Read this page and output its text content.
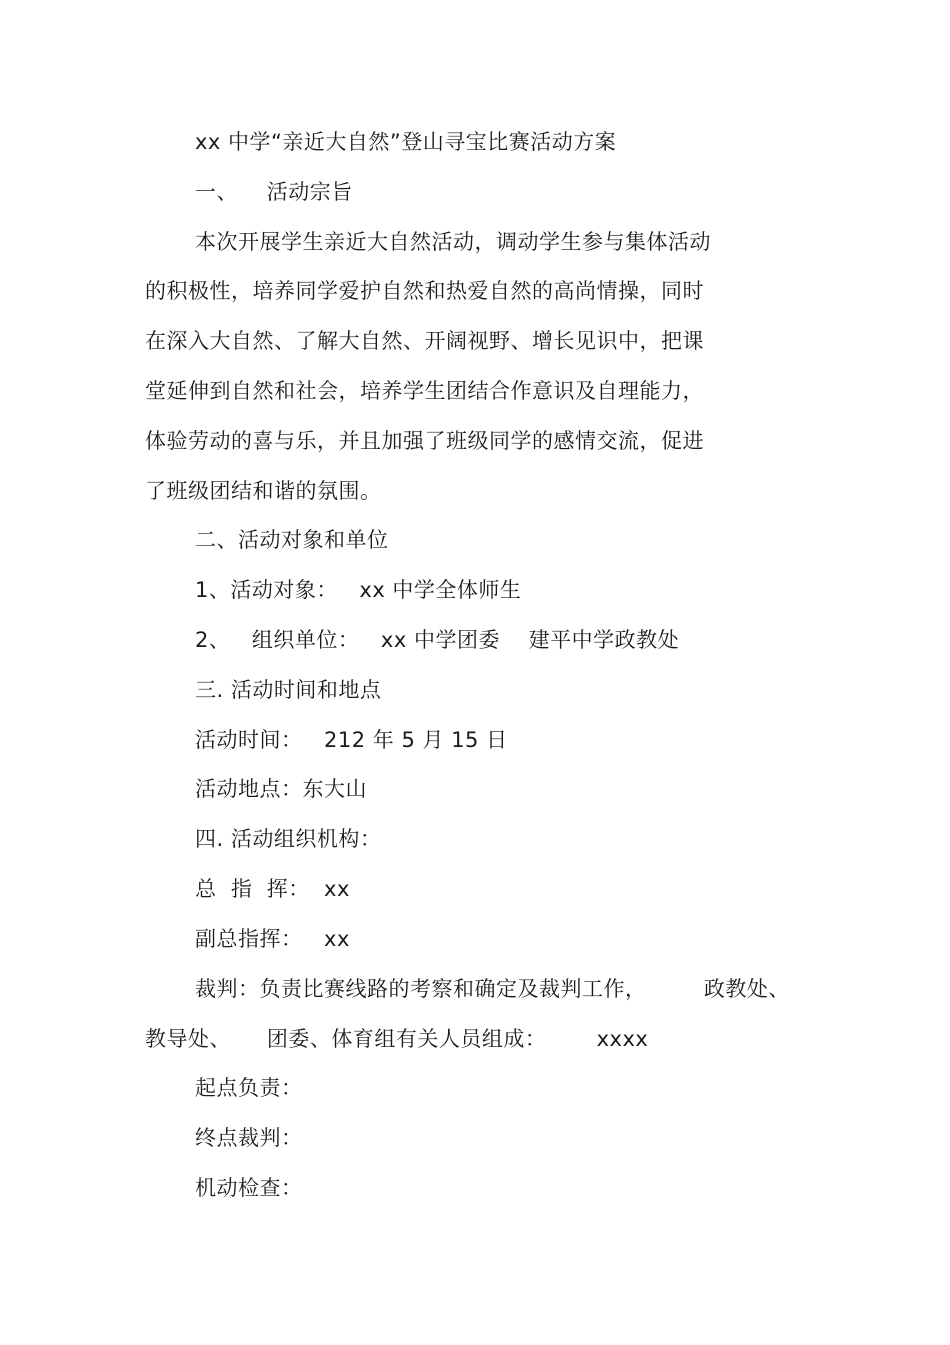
xx 中学“亲近大自然”登山寻宝比赛活动方案
一、    活动宗旨
本次开展学生亲近大自然活动，调动学生参与集体活动
的积极性，培养同学爱护自然和热爱自然的高尚情操，同时
在深入大自然、了解大自然、开阔视野、增长见识中，把课
堂延伸到自然和社会，培养学生团结合作意识及自理能力，
体验劳动的喜与乐，并且加强了班级同学的感情交流，促进
了班级团结和谐的氛围。
二、活动对象和单位
1、活动对象：   xx 中学全体师生
2、   组织单位：   xx 中学团委    建平中学政教处
三. 活动时间和地点
活动时间：   212 年 5 月 15 日
活动地点：东大山
四. 活动组织机构：
总  指  挥：  xx
副总指挥：   xx
裁判：负责比赛线路的考察和确定及裁判工作，        政教处、
教导处、     团委、体育组有关人员组成：       xxxx
起点负责：
终点裁判：
机动检查：
